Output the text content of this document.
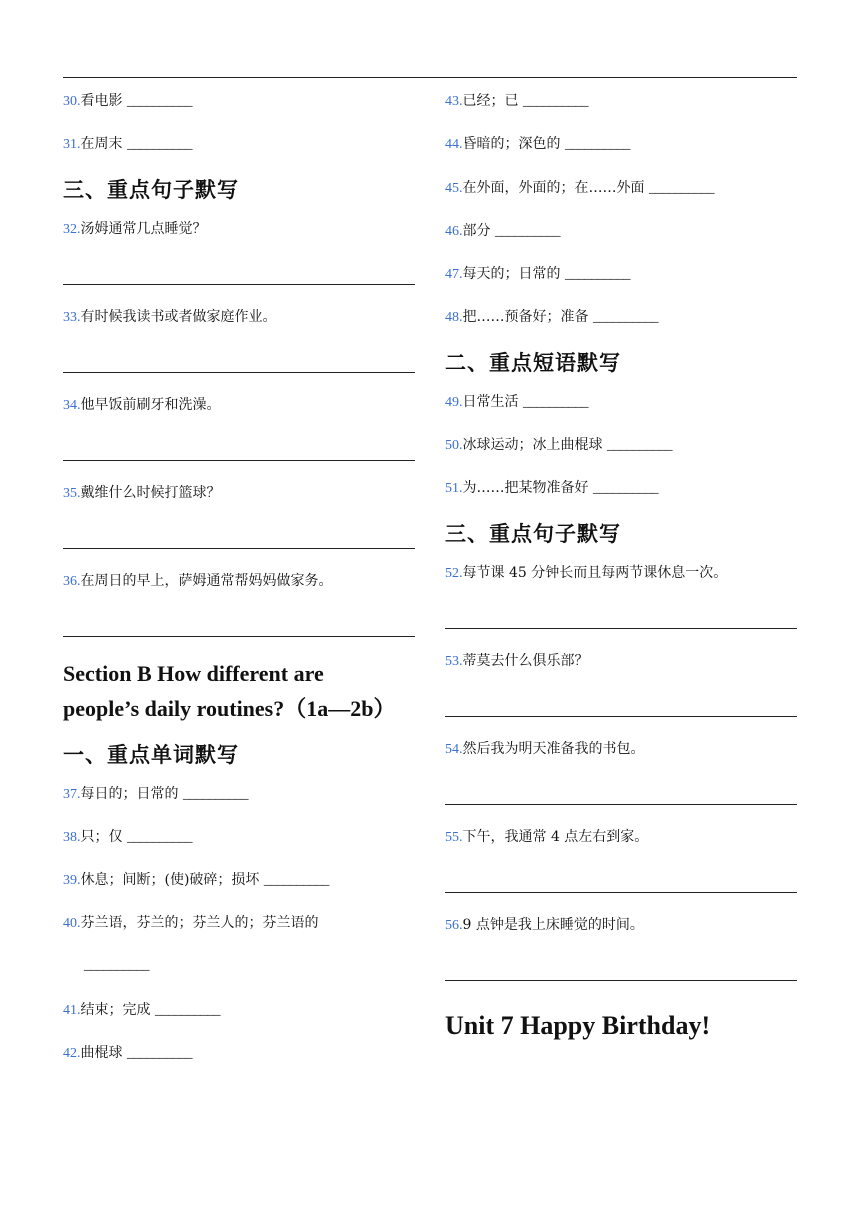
30.看电影 __________
31.在周末 __________
三、重点句子默写
32.汤姆通常几点睡觉？
33.有时候我读书或者做家庭作业。
34.他早饭前刷牙和洗澡。
35.戴维什么时候打篮球？
36.在周日的早上，萨姆通常帮妈妈做家务。
Section B How different are
people’s daily routines?（1a—2b）
一、重点单词默写
37.每日的；日常的 __________
38.只；仅 __________
39.休息；间断；(使)破碎；损坏 __________
40.芬兰语，芬兰的；芬兰人的；芬兰语的
__________
41.结束；完成 __________
42.曲棍球 __________
43.已经；已 __________
44.昏暗的；深色的 __________
45.在外面，外面的；在……外面 __________
46.部分 __________
47.每天的；日常的 __________
48.把……预备好；准备 __________
二、重点短语默写
49.日常生活 __________
50.冰球运动；冰上曲棍球 __________
51.为……把某物准备好 __________
三、重点句子默写
52.每节课 45 分钟长而且每两节课休息一次。
53.蒂莫去什么俱乐部？
54.然后我为明天准备我的书包。
55.下午，我通常 4 点左右到家。
56.9 点钟是我上床睡觉的时间。
Unit 7 Happy Birthday!
